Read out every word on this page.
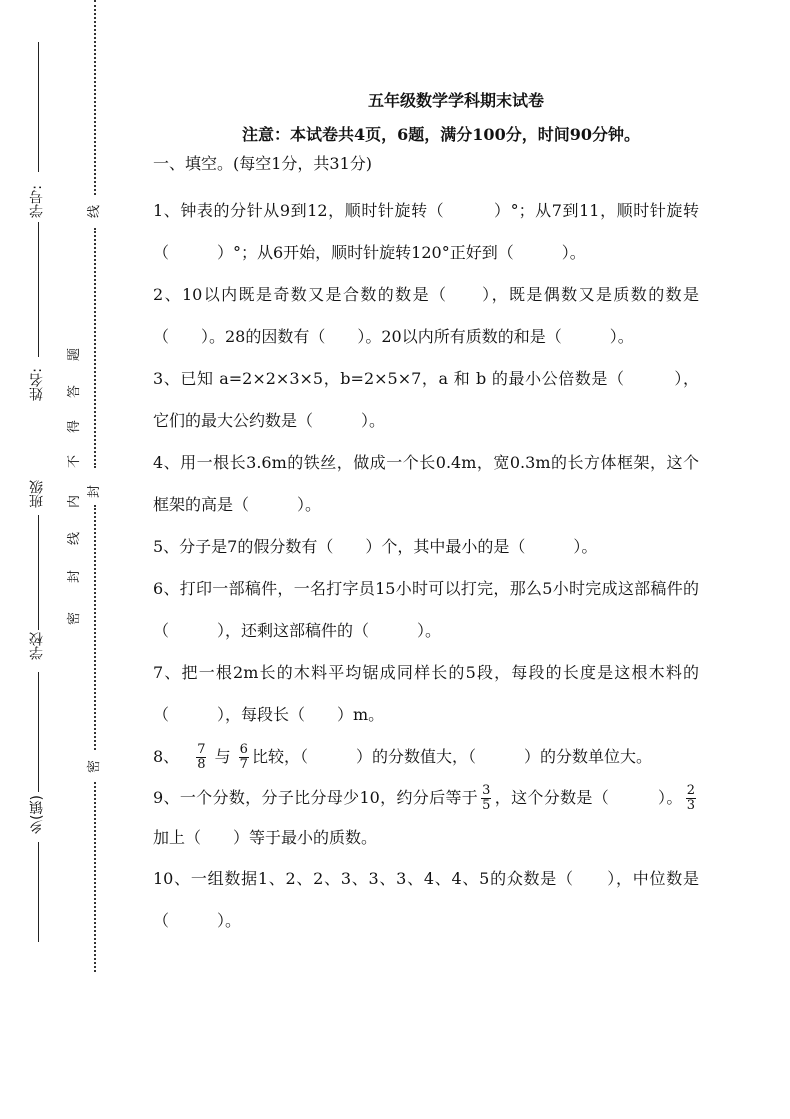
学号:
姓名:
班级
学校
乡(镇)
线
题
答
得
不
内
封
线
封
密
密
五年级数学学科期末试卷
注意：本试卷共4页，6题，满分100分，时间90分钟。
一、填空。(每空1分，共31分)

1、钟表的分针从9到12，顺时针旋转（　　　）°；从7到11，顺时针旋转（　　　）°；从6开始，顺时针旋转120°正好到（　　　）。

2、10以内既是奇数又是合数的数是（　　），既是偶数又是质数的数是（　　）。28的因数有（　　）。20以内所有质数的和是（　　　）。

3、已知 a=2×2×3×5，b=2×5×7，a 和 b 的最小公倍数是（　　　），它们的最大公约数是（　　　）。

4、用一根长3.6m的铁丝，做成一个长0.4m，宽0.3m的长方体框架，这个框架的高是（　　　）。

5、分子是7的假分数有（　　）个，其中最小的是（　　　）。

6、打印一部稿件，一名打字员15小时可以打完，那么5小时完成这部稿件的（　　　），还剩这部稿件的（　　　）。

7、把一根2m长的木料平均锯成同样长的5段，每段的长度是这根木料的（　　　），每段长（　　）m。

8、 $\frac{7}{8}$ 与 $\frac{6}{7}$ 比较，（　　　）的分数值大，（　　　）的分数单位大。

9、一个分数，分子比分母少10，约分后等于 $\frac{3}{5}$ ，这个分数是（　　　）。 $\frac{2}{3}$
加上（　　）等于最小的质数。

10、一组数据1、2、2、3、3、3、4、4、5的众数是（　　），中位数是（　　　）。
